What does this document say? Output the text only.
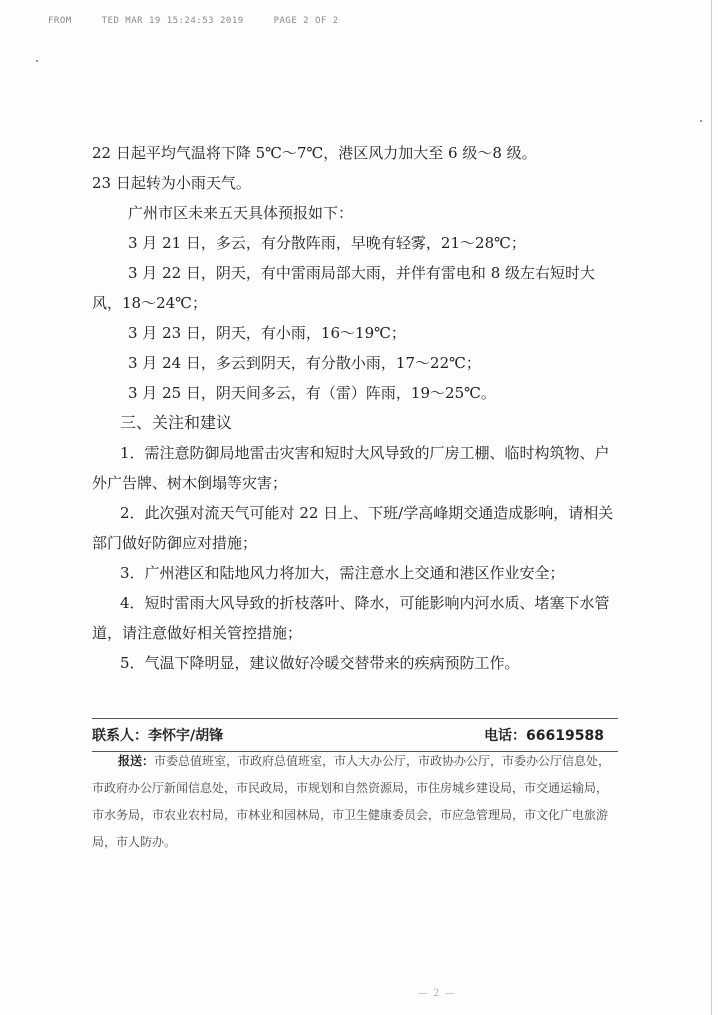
FROM	TED MAR 19 15:24:53 2019	PAGE 2 OF 2

22 日起平均气温将下降 5℃～7℃，港区风力加大至 6 级～8 级。

23 日起转为小雨天气。

广州市区未来五天具体预报如下：

3 月 21 日，多云，有分散阵雨，早晚有轻雾，21～28℃；

3 月 22 日，阴天，有中雷雨局部大雨，并伴有雷电和 8 级左右短时大风，18～24℃；

3 月 23 日，阴天，有小雨，16～19℃；

3 月 24 日，多云到阴天，有分散小雨，17～22℃；

3 月 25 日，阴天间多云，有（雷）阵雨，19～25℃。

三、关注和建议

1．需注意防御局地雷击灾害和短时大风导致的厂房工棚、临时构筑物、户外广告牌、树木倒塌等灾害；

2．此次强对流天气可能对 22 日上、下班/学高峰期交通造成影响，请相关部门做好防御应对措施；

3．广州港区和陆地风力将加大，需注意水上交通和港区作业安全；

4．短时雷雨大风导致的折枝落叶、降水，可能影响内河水质、堵塞下水管道，请注意做好相关管控措施；

5．气温下降明显，建议做好冷暖交替带来的疾病预防工作。

联系人：李怀宇/胡锋	电话：66619588
报送：市委总值班室，市政府总值班室，市人大办公厅，市政协办公厅，市委办公厅信息处，市政府办公厅新闻信息处，市民政局，市规划和自然资源局，市住房城乡建设局，市交通运输局，市水务局，市农业农村局，市林业和园林局，市卫生健康委员会，市应急管理局，市文化广电旅游局，市人防办。
— 2 —
